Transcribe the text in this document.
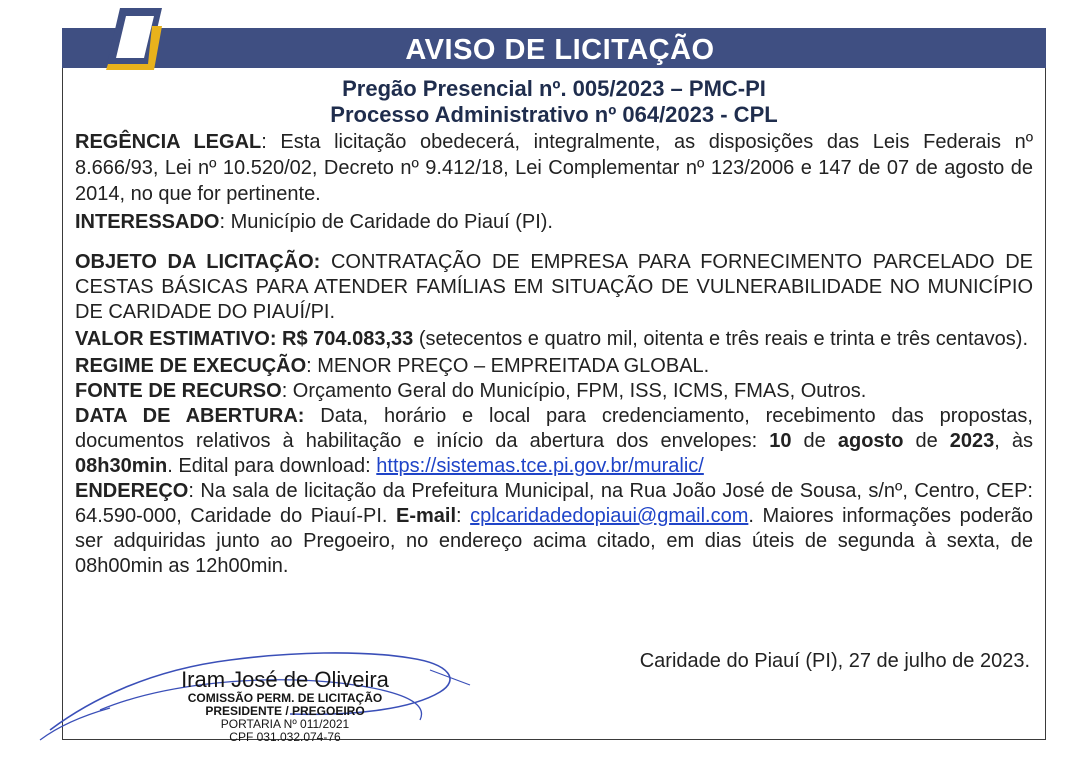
AVISO DE LICITAÇÃO
Pregão Presencial nº. 005/2023 – PMC-PI
Processo Administrativo nº 064/2023 - CPL

REGÊNCIA LEGAL: Esta licitação obedecerá, integralmente, as disposições das Leis Federais nº 8.666/93, Lei nº 10.520/02, Decreto nº 9.412/18, Lei Complementar nº 123/2006 e 147 de 07 de agosto de 2014, no que for pertinente.

INTERESSADO: Município de Caridade do Piauí (PI).

OBJETO DA LICITAÇÃO: CONTRATAÇÃO DE EMPRESA PARA FORNECIMENTO PARCELADO DE CESTAS BÁSICAS PARA ATENDER FAMÍLIAS EM SITUAÇÃO DE VULNERABILIDADE NO MUNICÍPIO DE CARIDADE DO PIAUÍ/PI.

VALOR ESTIMATIVO: R$ 704.083,33 (setecentos e quatro mil, oitenta e três reais e trinta e três centavos).

REGIME DE EXECUÇÃO: MENOR PREÇO – EMPREITADA GLOBAL.

FONTE DE RECURSO: Orçamento Geral do Município, FPM, ISS, ICMS, FMAS, Outros.

DATA DE ABERTURA: Data, horário e local para credenciamento, recebimento das propostas, documentos relativos à habilitação e início da abertura dos envelopes: 10 de agosto de 2023, às 08h30min. Edital para download: https://sistemas.tce.pi.gov.br/muralic/

ENDEREÇO: Na sala de licitação da Prefeitura Municipal, na Rua João José de Sousa, s/nº, Centro, CEP: 64.590-000, Caridade do Piauí-PI. E-mail: cplcaridadedopiaui@gmail.com. Maiores informações poderão ser adquiridas junto ao Pregoeiro, no endereço acima citado, em dias úteis de segunda à sexta, de 08h00min as 12h00min.

Caridade do Piauí (PI), 27 de julho de 2023.
Iram José de Oliveira
COMISSÃO PERM. DE LICITAÇÃO
PRESIDENTE / PREGOEIRO
PORTARIA Nº 011/2021
CPF 031.032.074-76
